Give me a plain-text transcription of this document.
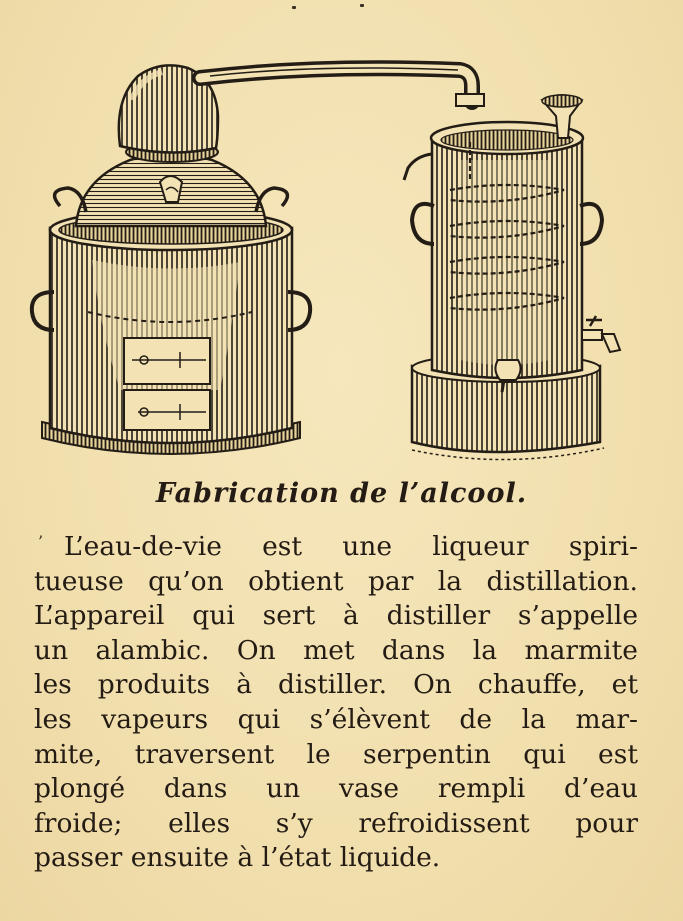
Fabrication de l’alcool.
’ L’eau-de-vie est une liqueur spiri-
tueuse qu’on obtient par la distillation.
L’appareil qui sert à distiller s’appelle
un alambic. On met dans la marmite
les produits à distiller. On chauffe, et
les vapeurs qui s’élèvent de la mar-
mite, traversent le serpentin qui est
plongé dans un vase rempli d’eau
froide; elles s’y refroidissent pour
passer ensuite à l’état liquide.
